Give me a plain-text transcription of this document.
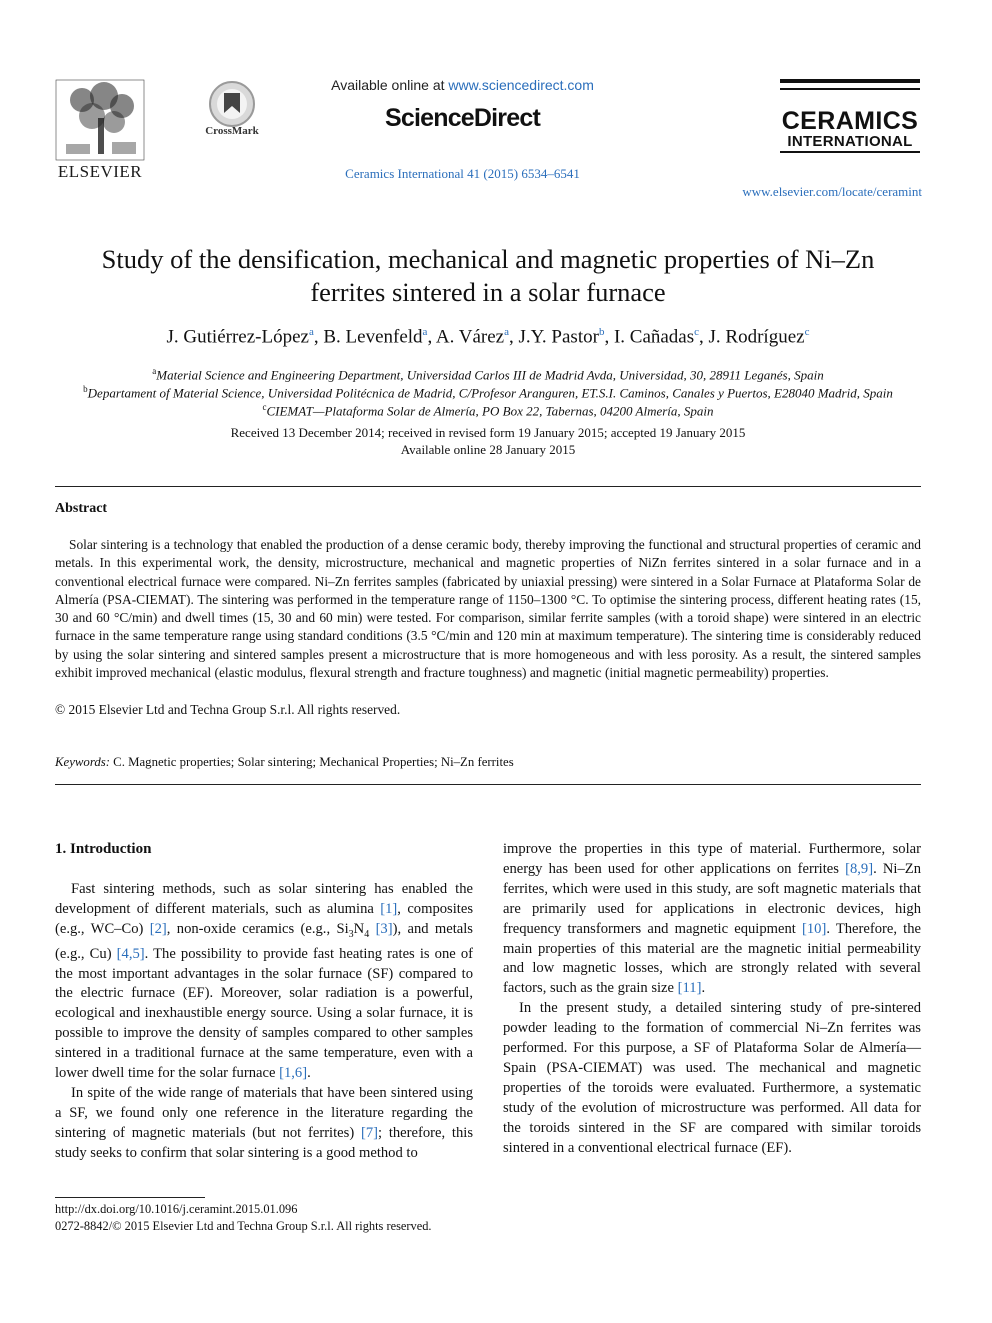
ELSEVIER
CrossMark
Available online at www.sciencedirect.com
ScienceDirect
Ceramics International 41 (2015) 6534–6541
CERAMICS
INTERNATIONAL
www.elsevier.com/locate/ceramint
Study of the densification, mechanical and magnetic properties of Ni–Zn
ferrites sintered in a solar furnace
J. Gutiérrez-López$^a$, B. Levenfeld$^a$, A. Várez$^a$, J.Y. Pastor$^b$, I. Cañadas$^c$, J. Rodríguez$^c$
$^a$Material Science and Engineering Department, Universidad Carlos III de Madrid Avda, Universidad, 30, 28911 Leganés, Spain
$^b$Departament of Material Science, Universidad Politécnica de Madrid, C/Profesor Aranguren, ET.S.I. Caminos, Canales y Puertos, E28040 Madrid, Spain
$^c$CIEMAT—Plataforma Solar de Almería, PO Box 22, Tabernas, 04200 Almería, Spain
Received 13 December 2014; received in revised form 19 January 2015; accepted 19 January 2015
Available online 28 January 2015
Abstract

Solar sintering is a technology that enabled the production of a dense ceramic body, thereby improving the functional and structural properties of ceramic and metals. In this experimental work, the density, microstructure, mechanical and magnetic properties of NiZn ferrites sintered in a solar furnace and in a conventional electrical furnace were compared. Ni–Zn ferrites samples (fabricated by uniaxial pressing) were sintered in a Solar Furnace at Plataforma Solar de Almería (PSA-CIEMAT). The sintering was performed in the temperature range of 1150–1300 °C. To optimise the sintering process, different heating rates (15, 30 and 60 °C/min) and dwell times (15, 30 and 60 min) were tested. For comparison, similar ferrite samples (with a toroid shape) were sintered in an electric furnace in the same temperature range using standard conditions (3.5 °C/min and 120 min at maximum temperature). The sintering time is considerably reduced by using the solar sintering and sintered samples present a microstructure that is more homogeneous and with less porosity. As a result, the sintered samples exhibit improved mechanical (elastic modulus, flexural strength and fracture toughness) and magnetic (initial magnetic permeability) properties.

© 2015 Elsevier Ltd and Techna Group S.r.l. All rights reserved.
Keywords: C. Magnetic properties; Solar sintering; Mechanical Properties; Ni–Zn ferrites
1. Introduction

Fast sintering methods, such as solar sintering has enabled the development of different materials, such as alumina [1], composites (e.g., WC–Co) [2], non-oxide ceramics (e.g., $Si_3N_4$ [3]), and metals (e.g., Cu) [4,5]. The possibility to provide fast heating rates is one of the most important advantages in the solar furnace (SF) compared to the electric furnace (EF). Moreover, solar radiation is a powerful, ecological and inexhaustible energy source. Using a solar furnace, it is possible to improve the density of samples compared to other samples sintered in a traditional furnace at the same temperature, even with a lower dwell time for the solar furnace [1,6].

In spite of the wide range of materials that have been sintered using a SF, we found only one reference in the literature regarding the sintering of magnetic materials (but not ferrites) [7]; therefore, this study seeks to confirm that solar sintering is a good method to

improve the properties in this type of material. Furthermore, solar energy has been used for other applications on ferrites [8,9]. Ni–Zn ferrites, which were used in this study, are soft magnetic materials that are primarily used for applications in electronic devices, high frequency transformers and magnetic equipment [10]. Therefore, the main properties of this material are the magnetic initial permeability and low magnetic losses, which are strongly related with several factors, such as the grain size [11].

In the present study, a detailed sintering study of pre-sintered powder leading to the formation of commercial Ni–Zn ferrites was performed. For this purpose, a SF of Plataforma Solar de Almería—Spain (PSA-CIEMAT) was used. The mechanical and magnetic properties of the toroids were evaluated. Furthermore, a systematic study of the evolution of microstructure was performed. All data for the toroids sintered in the SF are compared with similar toroids sintered in a conventional electrical furnace (EF).

http://dx.doi.org/10.1016/j.ceramint.2015.01.096
0272-8842/© 2015 Elsevier Ltd and Techna Group S.r.l. All rights reserved.
